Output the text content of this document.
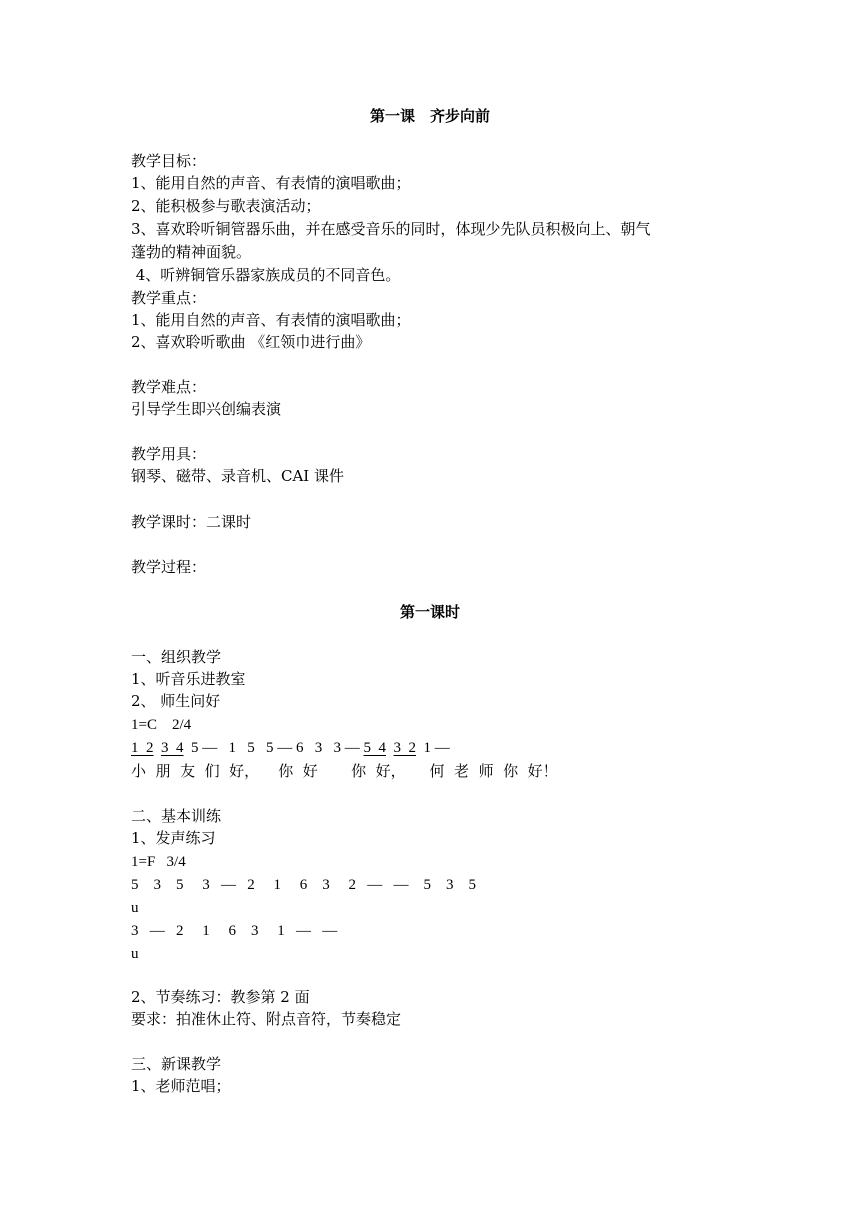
第一课　齐步向前
教学目标：
1、能用自然的声音、有表情的演唱歌曲；
2、能积极参与歌表演活动；
3、喜欢聆听铜管器乐曲，并在感受音乐的同时，体现少先队员积极向上、朝气
蓬勃的精神面貌。
4、听辨铜管乐器家族成员的不同音色。
教学重点：
1、能用自然的声音、有表情的演唱歌曲；
2、喜欢聆听歌曲 《红领巾进行曲》
教学难点：
引导学生即兴创编表演
教学用具：
钢琴、磁带、录音机、CAI 课件
教学课时：二课时
教学过程：
第一课时
一、组织教学
1、听音乐进教室
2、 师生问好
1=C　2/4
1  2 3  4  5 —   1   5   5 — 6   3   3 — 5  4 3  2  1 —
小  朋  友  们  好，    你  好       你  好，     何  老  师  你  好！
二、基本训练
1、发声练习
1=F   3/4
5    3    5     3   —   2     1     6    3     2   —   —    5    3    5
u
3   —   2     1     6    3     1   —   —
u
2、节奏练习：教参第 2 面
要求：拍准休止符、附点音符，节奏稳定
三、新课教学
1、老师范唱；
